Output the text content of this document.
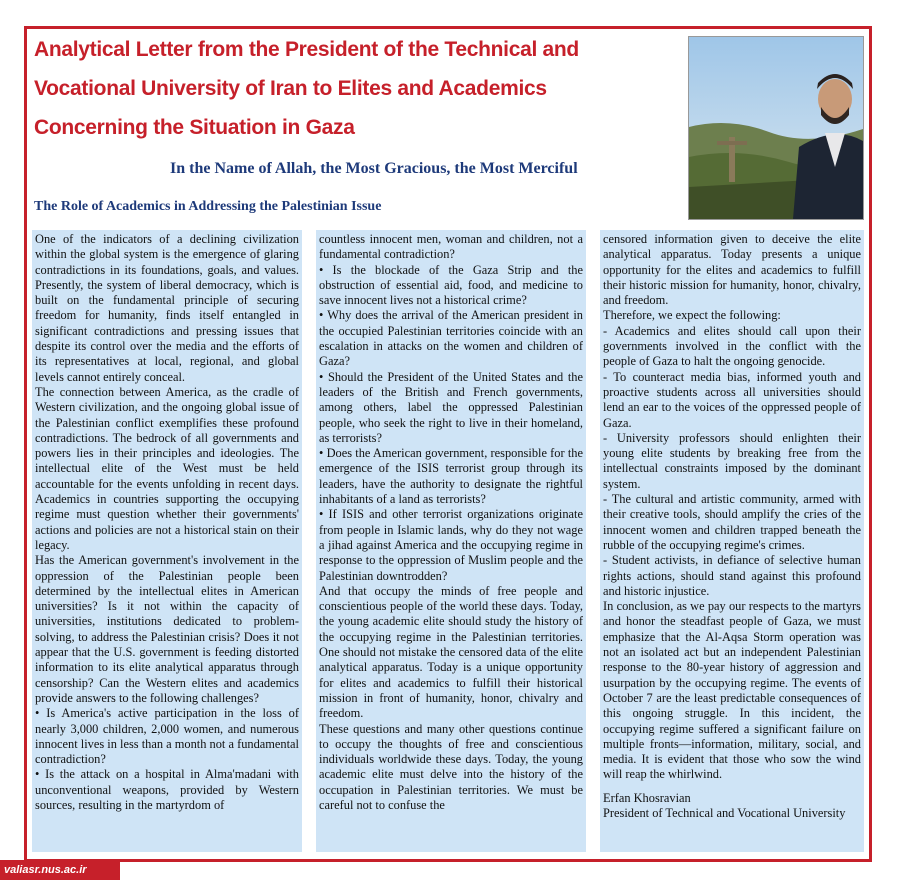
Analytical Letter from the President of the Technical and
Vocational University of Iran to Elites and Academics
Concerning the Situation in Gaza
In the Name of Allah, the Most Gracious, the Most Merciful
The Role of Academics in Addressing the Palestinian Issue

One of the indicators of a declining civilization within the global system is the emergence of glaring contradictions in its foundations, goals, and values. Presently, the system of liberal democracy, which is built on the fundamental principle of securing freedom for humanity, finds itself entangled in significant contradictions and pressing issues that despite its control over the media and the efforts of its representatives at local, regional, and global levels cannot entirely conceal.

The connection between America, as the cradle of Western civilization, and the ongoing global issue of the Palestinian conflict exemplifies these profound contradictions. The bedrock of all governments and powers lies in their principles and ideologies. The intellectual elite of the West must be held accountable for the events unfolding in recent days. Academics in countries supporting the occupying regime must question whether their governments' actions and policies are not a historical stain on their legacy.

Has the American government's involvement in the oppression of the Palestinian people been determined by the intellectual elites in American universities? Is it not within the capacity of universities, institutions dedicated to problem-solving, to address the Palestinian crisis? Does it not appear that the U.S. government is feeding distorted information to its elite analytical apparatus through censorship? Can the Western elites and academics provide answers to the following challenges?

• Is America's active participation in the loss of nearly 3,000 children, 2,000 women, and numerous innocent lives in less than a month not a fundamental contradiction?

• Is the attack on a hospital in Alma'madani with unconventional weapons, provided by Western sources, resulting in the martyrdom of

countless innocent men, woman and children, not a fundamental contradiction?

• Is the blockade of the Gaza Strip and the obstruction of essential aid, food, and medicine to save innocent lives not a historical crime?

• Why does the arrival of the American president in the occupied Palestinian territories coincide with an escalation in attacks on the women and children of Gaza?

• Should the President of the United States and the leaders of the British and French governments, among others, label the oppressed Palestinian people, who seek the right to live in their homeland, as terrorists?

• Does the American government, responsible for the emergence of the ISIS terrorist group through its leaders, have the authority to designate the rightful inhabitants of a land as terrorists?

• If ISIS and other terrorist organizations originate from people in Islamic lands, why do they not wage a jihad against America and the occupying regime in response to the oppression of Muslim people and the Palestinian downtrodden?

And that occupy the minds of free people and conscientious people of the world these days. Today, the young academic elite should study the history of the occupying regime in the Palestinian territories. One should not mistake the censored data of the elite analytical apparatus. Today is a unique opportunity for elites and academics to fulfill their historical mission in front of humanity, honor, chivalry and freedom.

These questions and many other questions continue to occupy the thoughts of free and conscientious individuals worldwide these days. Today, the young academic elite must delve into the history of the occupation in Palestinian territories. We must be careful not to confuse the

censored information given to deceive the elite analytical apparatus. Today presents a unique opportunity for the elites and academics to fulfill their historic mission for humanity, honor, chivalry, and freedom.

Therefore, we expect the following:

- Academics and elites should call upon their governments involved in the conflict with the people of Gaza to halt the ongoing genocide.

- To counteract media bias, informed youth and proactive students across all universities should lend an ear to the voices of the oppressed people of Gaza.

- University professors should enlighten their young elite students by breaking free from the intellectual constraints imposed by the dominant system.

- The cultural and artistic community, armed with their creative tools, should amplify the cries of the innocent women and children trapped beneath the rubble of the occupying regime's crimes.

- Student activists, in defiance of selective human rights actions, should stand against this profound and historic injustice.

In conclusion, as we pay our respects to the martyrs and honor the steadfast people of Gaza, we must emphasize that the Al-Aqsa Storm operation was not an isolated act but an independent Palestinian response to the 80-year history of aggression and usurpation by the occupying regime. The events of October 7 are the least predictable consequences of this ongoing struggle. In this incident, the occupying regime suffered a significant failure on multiple fronts—information, military, social, and media. It is evident that those who sow the wind will reap the whirlwind.

Erfan Khosravian

President of Technical and Vocational University

valiasr.nus.ac.ir
